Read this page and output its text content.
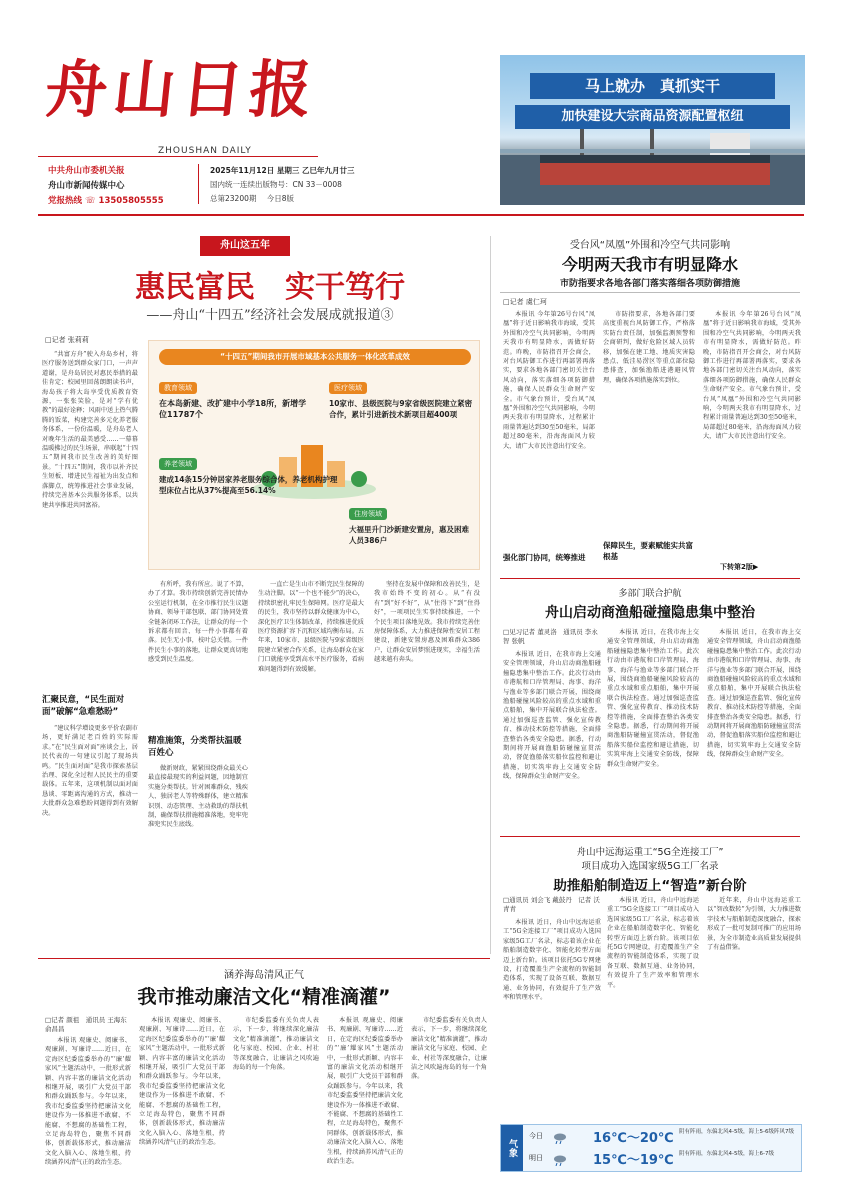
舟山日报
ZHOUSHAN DAILY
中共舟山市委机关报
舟山市新闻传媒中心
党报热线 ☏ 13505805555
2025年11月12日 星期三 乙巳年九月廿三
国内统一连续出版物号：CN 33－0008
总第23200期 今日8版
马上就办　真抓实干
加快建设大宗商品资源配置枢纽
舟山这五年
惠民富民　实干笃行
——舟山“十四五”经济社会发展成就报道③
□记者 张莉莉
“共富方舟”驶入舟岛乡村，将医疗服务送到群众家门口，一声声道谢，是舟岛居民对惠民举措的最佳肯定；校园里回荡朗朗读书声，海岛孩子将大岛享受优质教育资源，一张张笑脸，是对“学有优教”的最好诠释；风雨中送上热气腾腾的饭菜，构建完善多元化养老服务体系，一份份温暖，是舟岛老人对晚年生活的最美感受……一幕幕温暖拂过的民生场景，串联起“十四五”期间我市民生改善的美好图景。“十四五”期间，我市以补齐民生短板、增进民生福祉为出发点和落脚点，统筹推进社会事业发展，持续完善基本公共服务体系，以共建共享推进共同富裕。
汇聚民意，“民生面对面”破解“急难愁盼”
“建议科学增设更多平价农副市场，更好满足老百姓的实际需求。”在“民生面对面”座谈会上，居民代表的一句建议引起了现场共鸣。“民生面对面”是我市探索基层治理、深化全过程人民民主的重要载体。五年来，这项机制以面对面恳谈、零距离沟通的方式，推动一大批群众急难愁盼问题得到有效解决。
“十四五”期间我市开展市域基本公共服务一体化改革成效
教育领域
在本岛新建、改扩建中小学18所，新增学位11787个
医疗领域
10家市、县级医院与9家省级医院建立紧密合作，累计引进新技术新项目超400项
养老领域
建成14条15分钟居家养老服务综合体，养老机构护理型床位占比从37%提高至56.14%
住房领域
大福里升门沙新建安置房，惠及困难人员386户
有所呼，我有所应。说了不算，办了才算。我市持续创新完善民情办公室运行机制，在全市推行民生议题协商、领导干部包联、部门协同处置全链条闭环工作法，让群众的每一个诉求都有回音、每一件小事都有着落。民生无小事，枝叶总关情。一件件民生小事的落地，让群众更真切地感受到民生温度。
精准施策，分类帮扶温暖百姓心
做新财政，紧紧围绕群众最关心最直接最现实的利益问题，因地制宜实施分类帮扶。针对困难群众、残疾人、独居老人等特殊群体，建立精准识别、动态管理、主动救助的帮扶机制，确保帮扶措施精准落地，兜牢兜准兜实民生底线。
一直亡是生山市不断完民生保障的生动注脚。以“一个也不能少”的决心，持续织密扎牢民生保障网。医疗是最大的民生，我市坚持以群众健康为中心，深化医疗卫生体制改革，持续推进优质医疗资源扩容下沉和区域均衡布局。五年来，10家市、县级医院与9家省级医院建立紧密合作关系，让海岛群众在家门口就能享受到高水平医疗服务，看病难问题得到有效缓解。
坚持在发展中保障和改善民生，是我市始终不变的初心。从“有没有”到“好不好”，从“住得下”到“住得好”，一项项民生实事持续推进，一个个民生项目落地见效。我市持续完善住房保障体系，大力推进保障性安居工程建设，新建安置房惠及困难群众386户，让群众安居梦照进现实，幸福生活越来越有奔头。
受台风“凤凰”外围和冷空气共同影响
今明两天我市有明显降水
市防指要求各地各部门落实落细各项防御措施
□记者 虞仁珂
本报讯 今年第26号台风“凤凰”将于近日影响我市海域，受其外围和冷空气共同影响，今明两天我市有明显降水，需做好防范。昨晚，市防指召开会商会，对台风防御工作进行再部署再落实，要求各地各部门密切关注台风动向，落实落细各项防御措施，确保人民群众生命财产安全。市气象台预计，受台风“凤凰”外围和冷空气共同影响，今明两天我市有明显降水，过程累计雨量普遍达到30至50毫米，局部超过80毫米，沿海海面风力较大，请广大市民注意出行安全。
市防指要求，各地各部门要高度重视台风防御工作，严格落实防台责任制，加强监测预警和会商研判，做好危险区域人员转移，加强在建工地、地质灾害隐患点、低洼易涝区等重点部位隐患排查，加强渔船进港避风管理，确保各项措施落实到位。
强化部门协同，统筹推进
保障民生，要素赋能实共富根基
本报讯 今年第26号台风“凤凰”将于近日影响我市海域，受其外围和冷空气共同影响，今明两天我市有明显降水，需做好防范。昨晚，市防指召开会商会，对台风防御工作进行再部署再落实，要求各地各部门密切关注台风动向，落实落细各项防御措施，确保人民群众生命财产安全。市气象台预计，受台风“凤凰”外围和冷空气共同影响，今明两天我市有明显降水，过程累计雨量普遍达到30至50毫米，局部超过80毫米，沿海海面风力较大，请广大市民注意出行安全。
下转第2版▶
多部门联合护航
舟山启动商渔船碰撞隐患集中整治
□见习记者 董灵洛　通讯员 李永智 张帆
本报讯 近日，在我市海上交通安全管理领域，舟山启动商渔船碰撞隐患集中整治工作。此次行动由市港航和口岸管理局、海事、海洋与渔业等多部门联合开展，围绕商渔船碰撞风险较高的重点水域和重点船舶，集中开展联合执法检查。通过加强巡查监管、强化宣传教育、推动技术防控等措施，全面排查整治各类安全隐患。据悉，行动期间将开展商渔船防碰撞宣贯活动，督促渔船落实船位监控和避让措施，切实筑牢海上交通安全防线，保障群众生命财产安全。
本报讯 近日，在我市海上交通安全管理领域，舟山启动商渔船碰撞隐患集中整治工作。此次行动由市港航和口岸管理局、海事、海洋与渔业等多部门联合开展，围绕商渔船碰撞风险较高的重点水域和重点船舶，集中开展联合执法检查。通过加强巡查监管、强化宣传教育、推动技术防控等措施，全面排查整治各类安全隐患。据悉，行动期间将开展商渔船防碰撞宣贯活动，督促渔船落实船位监控和避让措施，切实筑牢海上交通安全防线，保障群众生命财产安全。
本报讯 近日，在我市海上交通安全管理领域，舟山启动商渔船碰撞隐患集中整治工作。此次行动由市港航和口岸管理局、海事、海洋与渔业等多部门联合开展，围绕商渔船碰撞风险较高的重点水域和重点船舶，集中开展联合执法检查。通过加强巡查监管、强化宣传教育、推动技术防控等措施，全面排查整治各类安全隐患。据悉，行动期间将开展商渔船防碰撞宣贯活动，督促渔船落实船位监控和避让措施，切实筑牢海上交通安全防线，保障群众生命财产安全。
舟山中远海运重工“5G全连接工厂”
项目成功入选国家级5G工厂名录
助推船舶制造迈上“智造”新台阶
□通讯员 刘会飞 戴鼓丹　记者 沃青青
本报讯 近日，舟山中远海运重工“5G全连接工厂”项目成功入选国家级5G工厂名录，标志着该企业在船舶制造数字化、智能化转型方面迈上新台阶。该项目依托5G专网建设，打造覆盖生产全流程的智能制造体系，实现了设备互联、数据互通、业务协同，有效提升了生产效率和管理水平。
本报讯 近日，舟山中远海运重工“5G全连接工厂”项目成功入选国家级5G工厂名录，标志着该企业在船舶制造数字化、智能化转型方面迈上新台阶。该项目依托5G专网建设，打造覆盖生产全流程的智能制造体系，实现了设备互联、数据互通、业务协同，有效提升了生产效率和管理水平。
近年来，舟山中远海运重工以“智改数转”为引领，大力推进数字技术与船舶制造深度融合，探索形成了一批可复制可推广的应用场景，为全市制造业高质量发展提供了有益借鉴。
涵养海岛清风正气
我市推动廉洁文化“精准滴灌”
□记者 颜祖　通讯员 王海东 俞昌昌
本报讯 观廉史、阅廉书、观廉剧、写廉诗……近日，在定海区纪委监委举办的“‘廉’耀家风”主题活动中，一批形式新颖、内容丰富的廉洁文化活动相继开展，吸引广大党员干部和群众踊跃参与。今年以来，我市纪委监委坚持把廉洁文化建设作为一体推进不敢腐、不能腐、不想腐的基础性工程，立足海岛特色，聚焦不同群体，创新载体形式，推动廉洁文化入脑入心、落地生根，持续涵养风清气正的政治生态。
本报讯 观廉史、阅廉书、观廉剧、写廉诗……近日，在定海区纪委监委举办的“‘廉’耀家风”主题活动中，一批形式新颖、内容丰富的廉洁文化活动相继开展，吸引广大党员干部和群众踊跃参与。今年以来，我市纪委监委坚持把廉洁文化建设作为一体推进不敢腐、不能腐、不想腐的基础性工程，立足海岛特色，聚焦不同群体，创新载体形式，推动廉洁文化入脑入心、落地生根，持续涵养风清气正的政治生态。
市纪委监委有关负责人表示，下一步，将继续深化廉洁文化“精准滴灌”，推动廉洁文化与家庭、校园、企业、村社等深度融合，让廉洁之风吹遍海岛的每一个角落。
本报讯 观廉史、阅廉书、观廉剧、写廉诗……近日，在定海区纪委监委举办的“‘廉’耀家风”主题活动中，一批形式新颖、内容丰富的廉洁文化活动相继开展，吸引广大党员干部和群众踊跃参与。今年以来，我市纪委监委坚持把廉洁文化建设作为一体推进不敢腐、不能腐、不想腐的基础性工程，立足海岛特色，聚焦不同群体，创新载体形式，推动廉洁文化入脑入心、落地生根，持续涵养风清气正的政治生态。
市纪委监委有关负责人表示，下一步，将继续深化廉洁文化“精准滴灌”，推动廉洁文化与家庭、校园、企业、村社等深度融合，让廉洁之风吹遍海岛的每一个角落。
气象
今日	16℃～20℃ 阴有阵雨，东偏北风4-5级，海上5-6级阵风7级
明日	15℃～19℃ 阴有阵雨，东偏北风4-5级，海上6-7级
